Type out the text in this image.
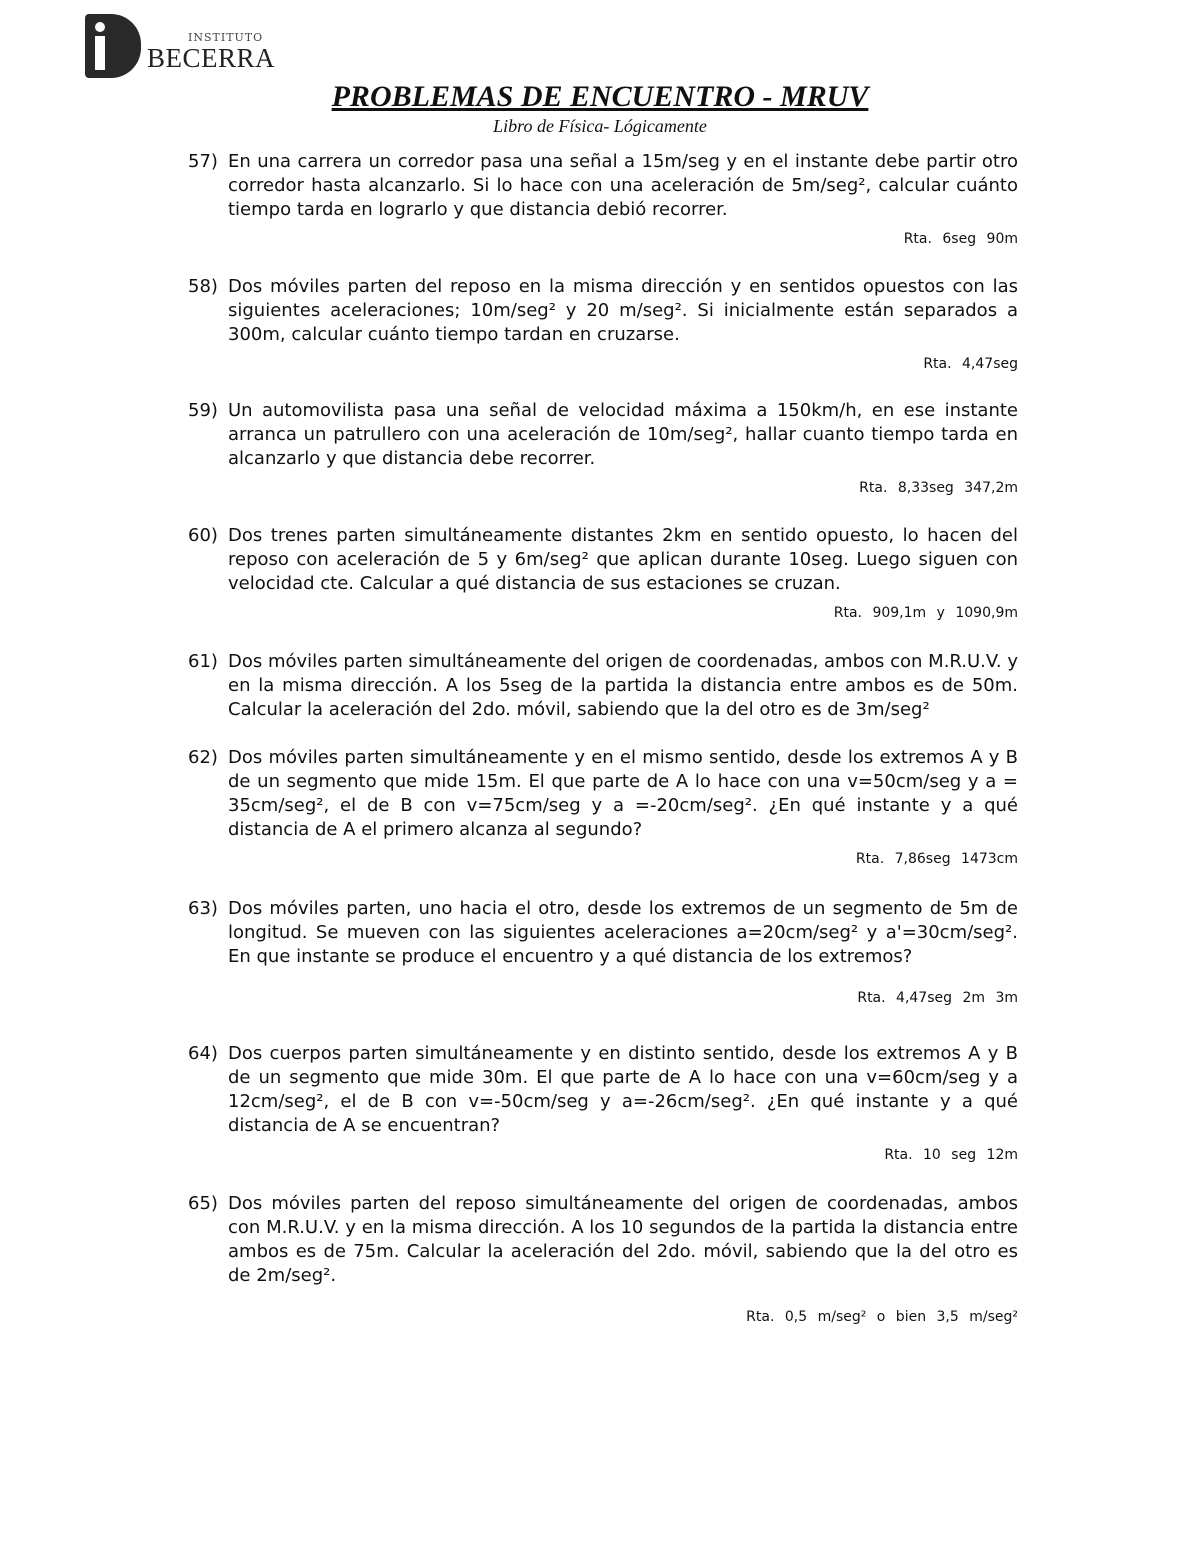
INSTITUTO
BECERRA
PROBLEMAS DE ENCUENTRO - MRUV

Libro de Física- Lógicamente

57) En una carrera un corredor pasa una señal a 15m/seg y en el instante debe partir otro corredor hasta alcanzarlo. Si lo hace con una aceleración de 5m/seg², calcular cuánto tiempo tarda en lograrlo y que distancia debió recorrer.
Rta. 6seg 90m
58) Dos móviles parten del reposo en la misma dirección y en sentidos opuestos con las siguientes aceleraciones; 10m/seg² y 20 m/seg². Si inicialmente están separados a 300m, calcular cuánto tiempo tardan en cruzarse.
Rta. 4,47seg
59) Un automovilista pasa una señal de velocidad máxima a 150km/h, en ese instante arranca un patrullero con una aceleración de 10m/seg², hallar cuanto tiempo tarda en alcanzarlo y que distancia debe recorrer.
Rta. 8,33seg 347,2m
60) Dos trenes parten simultáneamente distantes 2km en sentido opuesto, lo hacen del reposo con aceleración de 5 y 6m/seg² que aplican durante 10seg. Luego siguen con velocidad cte. Calcular a qué distancia de sus estaciones se cruzan.
Rta. 909,1m y 1090,9m
61) Dos móviles parten simultáneamente del origen de coordenadas, ambos con M.R.U.V. y en la misma dirección. A los 5seg de la partida la distancia entre ambos es de 50m. Calcular la aceleración del 2do. móvil, sabiendo que la del otro es de 3m/seg²
62) Dos móviles parten simultáneamente y en el mismo sentido, desde los extremos A y B de un segmento que mide 15m. El que parte de A lo hace con una v=50cm/seg y a = 35cm/seg², el de B con v=75cm/seg y a =-20cm/seg². ¿En qué instante y a qué distancia de A el primero alcanza al segundo?
Rta. 7,86seg 1473cm
63) Dos móviles parten, uno hacia el otro, desde los extremos de un segmento de 5m de longitud. Se mueven con las siguientes aceleraciones a=20cm/seg² y a'=30cm/seg². En que instante se produce el encuentro y a qué distancia de los extremos?
Rta. 4,47seg 2m 3m
64) Dos cuerpos parten simultáneamente y en distinto sentido, desde los extremos A y B de un segmento que mide 30m. El que parte de A lo hace con una v=60cm/seg y a 12cm/seg², el de B con v=-50cm/seg y a=-26cm/seg². ¿En qué instante y a qué distancia de A se encuentran?
Rta. 10 seg 12m
65) Dos móviles parten del reposo simultáneamente del origen de coordenadas, ambos con M.R.U.V. y en la misma dirección. A los 10 segundos de la partida la distancia entre ambos es de 75m. Calcular la aceleración del 2do. móvil, sabiendo que la del otro es de 2m/seg².
Rta. 0,5 m/seg² o bien 3,5 m/seg²
